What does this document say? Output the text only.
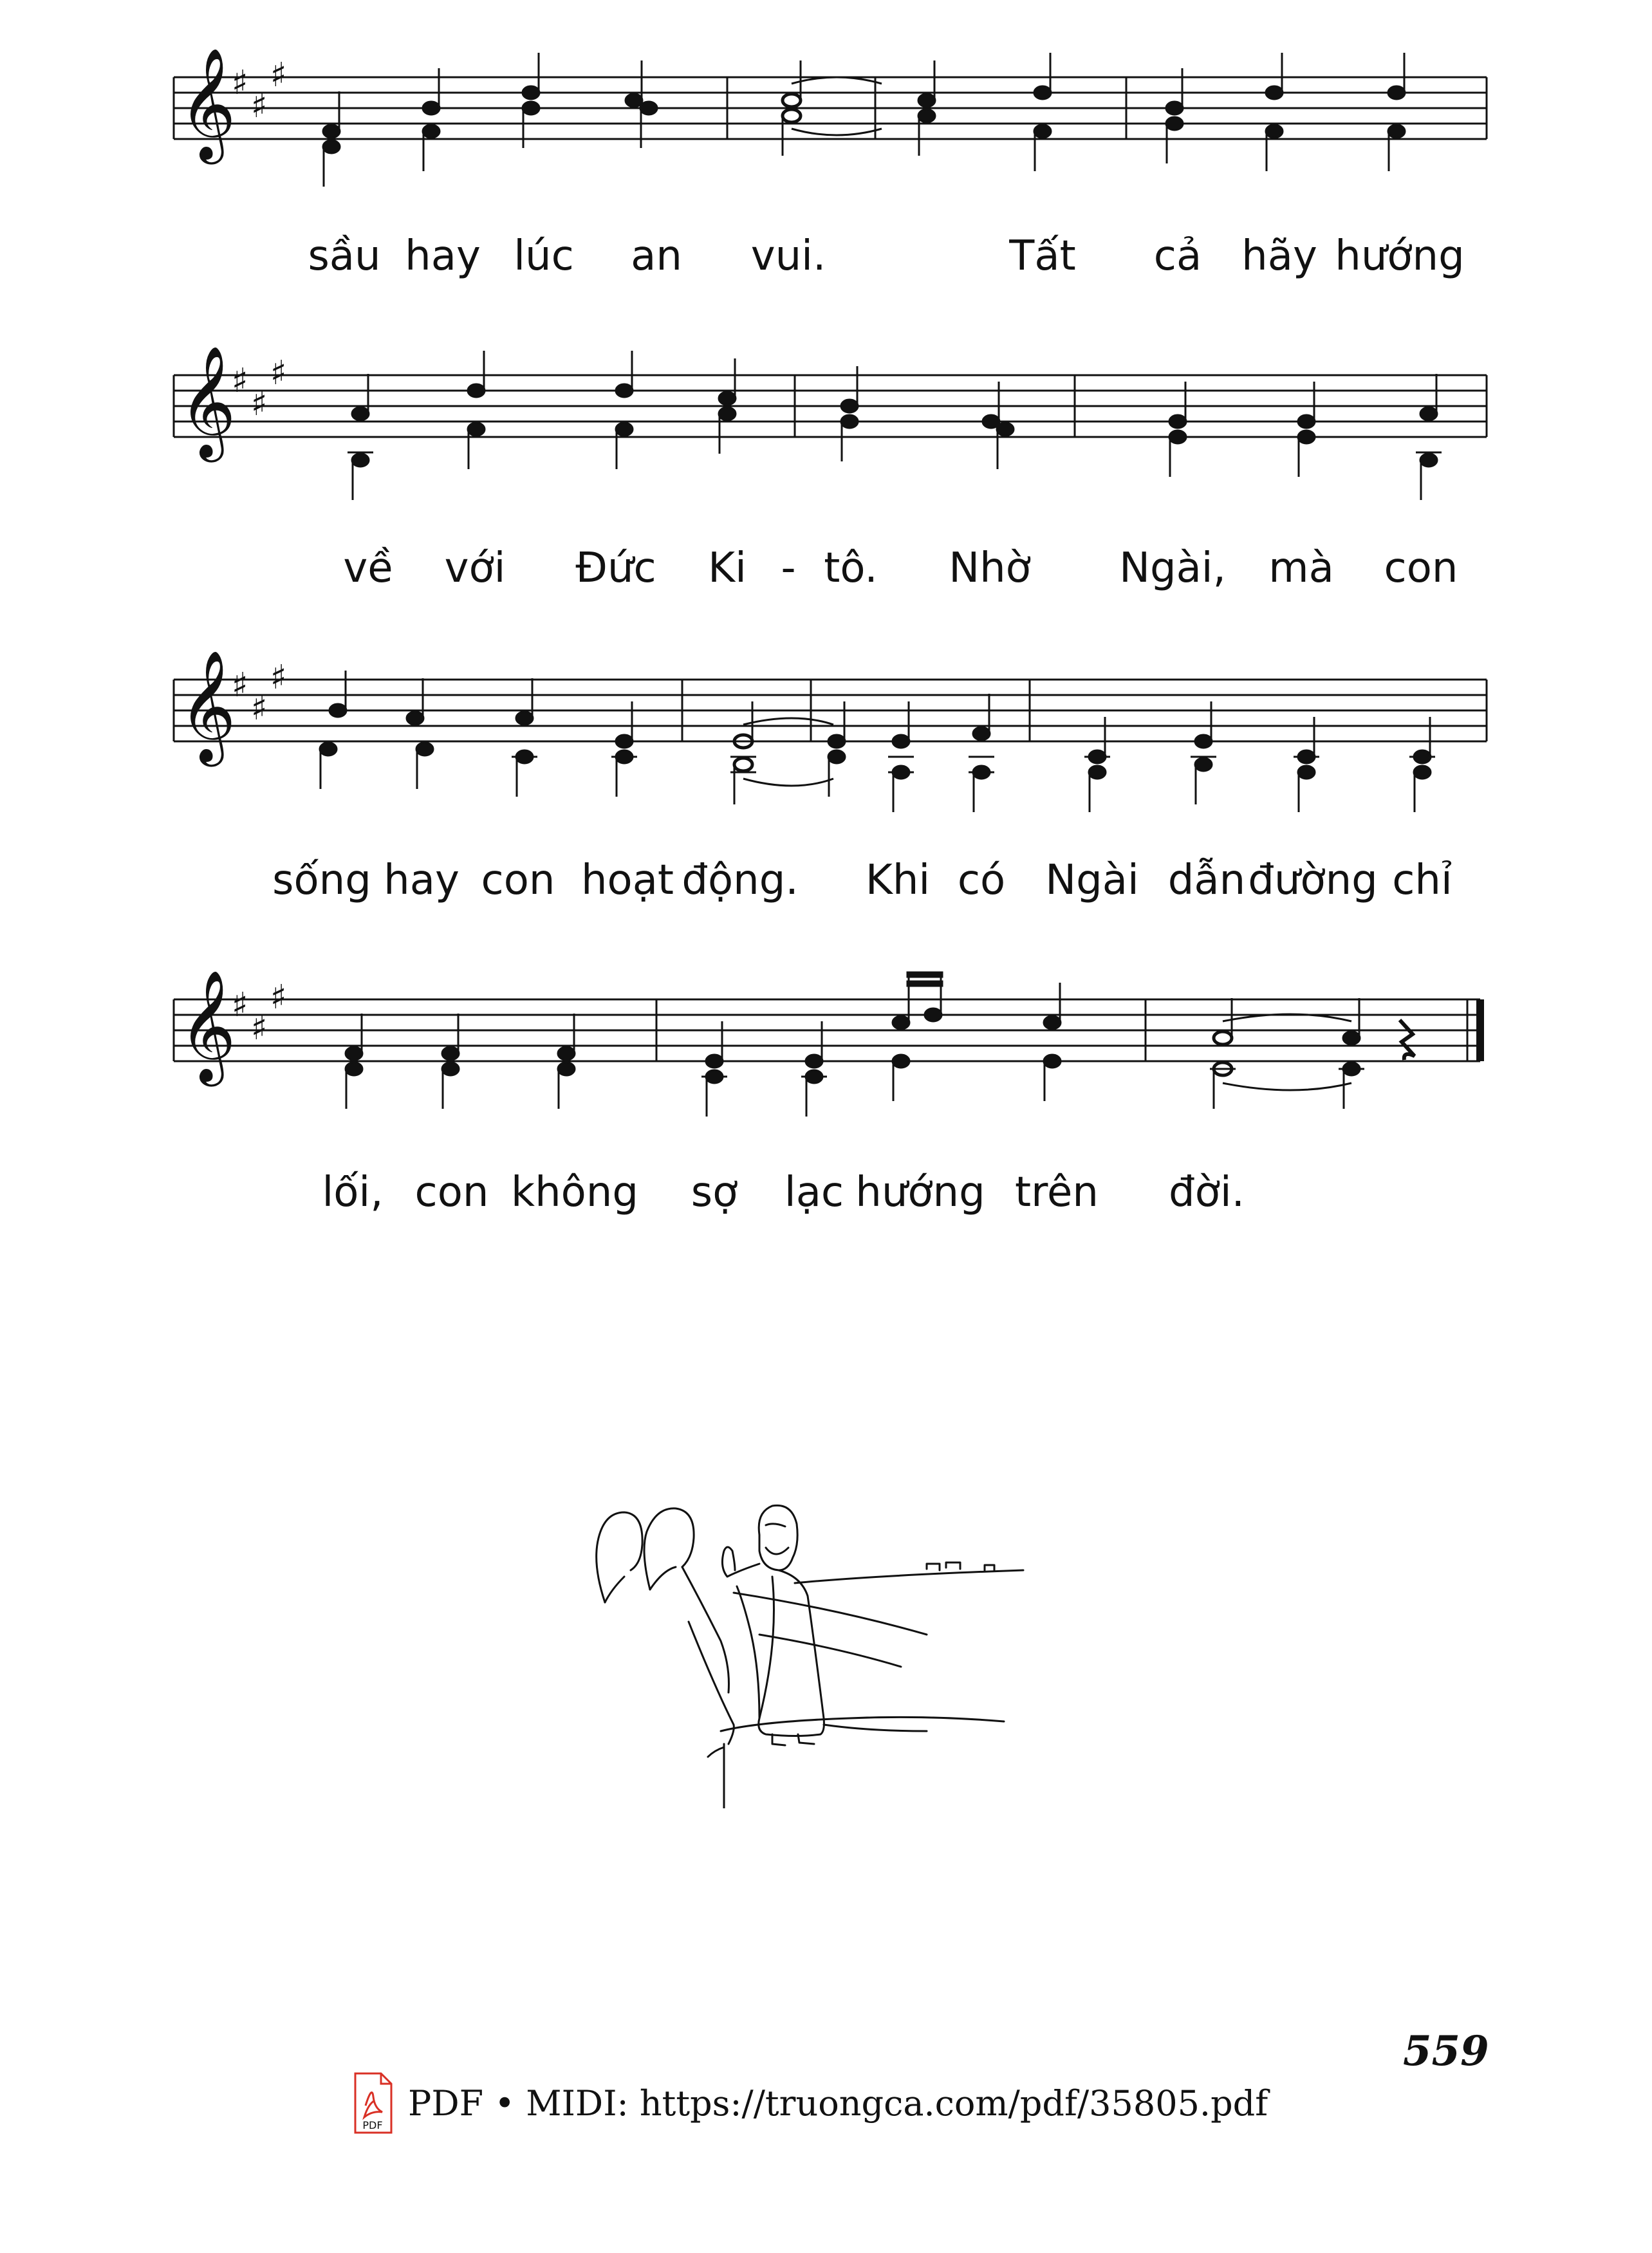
𝄞
♯
♯
♯
sầu hay lúc an vui.	Tất cả hãy hướng
𝄞
♯
♯
♯
về với Đức Ki - tô. Nhờ Ngài, mà con
𝄞
♯
♯
♯
sống hay con hoạt động. Khi có Ngài dẫn đường chỉ
𝄞
♯
♯
♯
lối, con không sợ lạc hướng trên đời.
559
PDF
PDF • MIDI: https://truongca.com/pdf/35805.pdf
